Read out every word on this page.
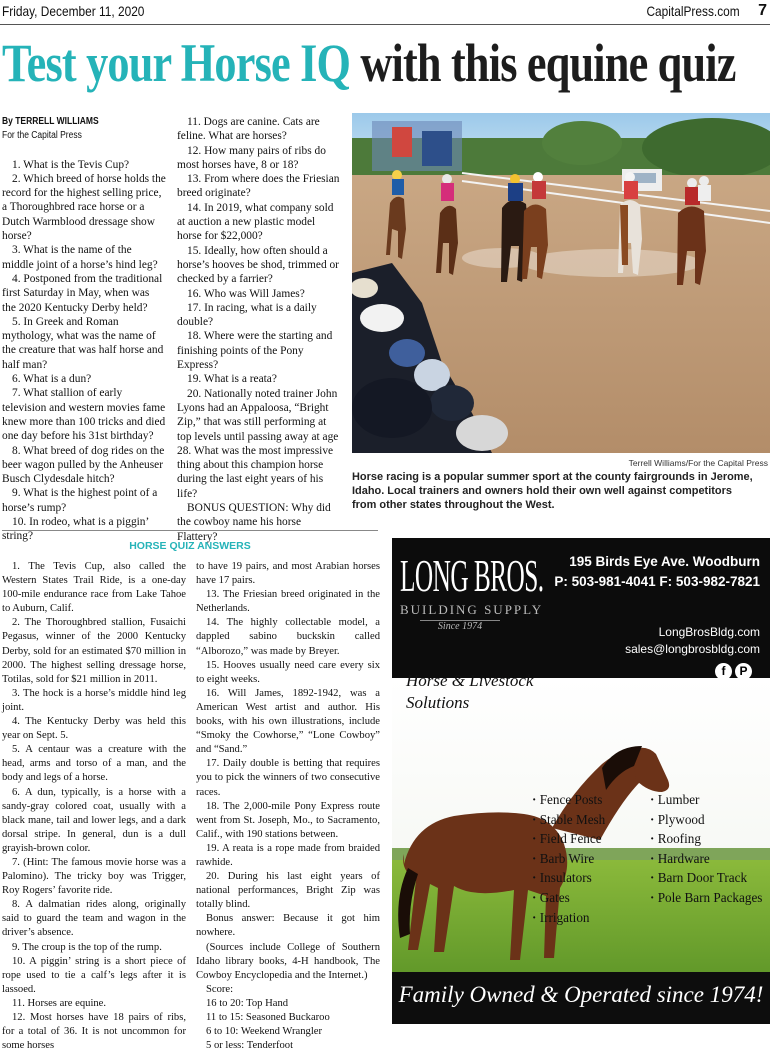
Friday, December 11, 2020	CapitalPress.com 7
Test your Horse IQ with this equine quiz

By TERRELL WILLIAMS

For the Capital Press

1. What is the Tevis Cup?

2. Which breed of horse holds the record for the highest selling price, a Thoroughbred race horse or a Dutch Warmblood dressage show horse?

3. What is the name of the middle joint of a horse’s hind leg?

4. Postponed from the traditional first Saturday in May, when was the 2020 Kentucky Derby held?

5. In Greek and Roman mythology, what was the name of the creature that was half horse and half man?

6. What is a dun?

7. What stallion of early television and western movies fame knew more than 100 tricks and died one day before his 31st birthday?

8. What breed of dog rides on the beer wagon pulled by the Anheuser Busch Clydesdale hitch?

9. What is the highest point of a horse’s rump?

10. In rodeo, what is a piggin’ string?

11. Dogs are canine. Cats are feline. What are horses?

12. How many pairs of ribs do most horses have, 8 or 18?

13. From where does the Friesian breed originate?

14. In 2019, what company sold at auction a new plastic model horse for $22,000?

15. Ideally, how often should a horse’s hooves be shod, trimmed or checked by a farrier?

16. Who was Will James?

17. In racing, what is a daily double?

18. Where were the starting and finishing points of the Pony Express?

19. What is a reata?

20. Nationally noted trainer John Lyons had an Appaloosa, “Bright Zip,” that was still performing at top levels until passing away at age 28. What was the most impressive thing about this champion horse during the last eight years of his life?

BONUS QUESTION: Why did the cowboy name his horse Flattery?

Terrell Williams/For the Capital Press
Horse racing is a popular summer sport at the county fairgrounds in Jerome, Idaho. Local trainers and owners hold their own well against competitors from other states throughout the West.
HORSE QUIZ ANSWERS

1. The Tevis Cup, also called the Western States Trail Ride, is a one-day 100-mile endurance race from Lake Tahoe to Auburn, Calif.

2. The Thoroughbred stallion, Fusaichi Pegasus, winner of the 2000 Kentucky Derby, sold for an estimated $70 million in 2000. The highest selling dressage horse, Totilas, sold for $21 million in 2011.

3. The hock is a horse’s middle hind leg joint.

4. The Kentucky Derby was held this year on Sept. 5.

5. A centaur was a creature with the head, arms and torso of a man, and the body and legs of a horse.

6. A dun, typically, is a horse with a sandy-gray colored coat, usually with a black mane, tail and lower legs, and a dark dorsal stripe. In general, dun is a dull grayish-brown color.

7. (Hint: The famous movie horse was a Palomino). The tricky boy was Trigger, Roy Rogers’ favorite ride.

8. A dalmatian rides along, originally said to guard the team and wagon in the driver’s absence.

9. The croup is the top of the rump.

10. A piggin’ string is a short piece of rope used to tie a calf’s legs after it is lassoed.

11. Horses are equine.

12. Most horses have 18 pairs of ribs, for a total of 36. It is not uncommon for some horses

to have 19 pairs, and most Arabian horses have 17 pairs.

13. The Friesian breed originated in the Netherlands.

14. The highly collectable model, a dappled sabino buckskin called “Alborozo,” was made by Breyer.

15. Hooves usually need care every six to eight weeks.

16. Will James, 1892-1942, was a American West artist and author. His books, with his own illustrations, include “Smoky the Cowhorse,” “Lone Cowboy” and “Sand.”

17. Daily double is betting that requires you to pick the winners of two consecutive races.

18. The 2,000-mile Pony Express route went from St. Joseph, Mo., to Sacramento, Calif., with 190 stations between.

19. A reata is a rope made from braided rawhide.

20. During his last eight years of national performances, Bright Zip was totally blind.

Bonus answer: Because it got him nowhere.

(Sources include College of Southern Idaho library books, 4-H handbook, The Cowboy Encyclopedia and the Internet.)

Score:

16 to 20: Top Hand

11 to 15: Seasoned Buckaroo

6 to 10: Weekend Wrangler

5 or less: Tenderfoot

LONG BROS.
BUILDING SUPPLY
Since 1974
195 Birds Eye Ave. Woodburn
P: 503-981-4041 F: 503-982-7821
LongBrosBldg.com
sales@longbrosbldg.com
f P
Horse & Livestock
Solutions
· Fence Posts
· Stable Mesh
· Field Fence
· Barb Wire
· Insulators
· Gates
· Irrigation
· Lumber
· Plywood
· Roofing
· Hardware
· Barn Door Track
· Pole Barn Packages
Family Owned & Operated since 1974!
